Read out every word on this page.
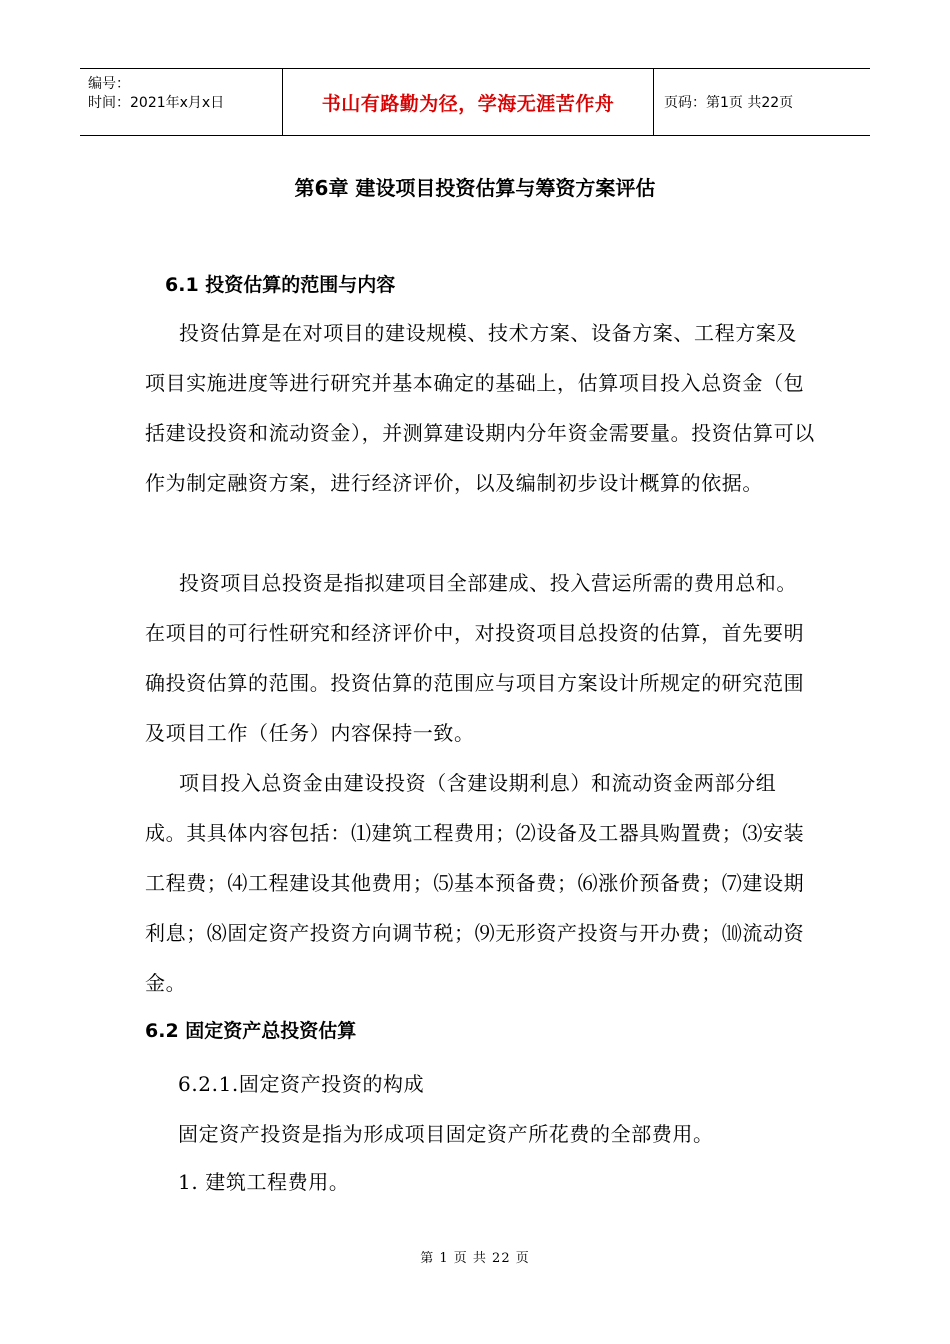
编号：
时间：2021年x月x日	书山有路勤为径，学海无涯苦作舟	页码：第1页 共22页
第6章 建设项目投资估算与筹资方案评估
6.1 投资估算的范围与内容
投资估算是在对项目的建设规模、技术方案、设备方案、工程方案及项目实施进度等进行研究并基本确定的基础上，估算项目投入总资金（包括建设投资和流动资金），并测算建设期内分年资金需要量。投资估算可以作为制定融资方案，进行经济评价，以及编制初步设计概算的依据。
投资项目总投资是指拟建项目全部建成、投入营运所需的费用总和。在项目的可行性研究和经济评价中，对投资项目总投资的估算，首先要明确投资估算的范围。投资估算的范围应与项目方案设计所规定的研究范围及项目工作（任务）内容保持一致。
项目投入总资金由建设投资（含建设期利息）和流动资金两部分组成。其具体内容包括：⑴建筑工程费用；⑵设备及工器具购置费；⑶安装工程费；⑷工程建设其他费用；⑸基本预备费；⑹涨价预备费；⑺建设期利息；⑻固定资产投资方向调节税；⑼无形资产投资与开办费；⑽流动资金。
6.2 固定资产总投资估算
6.2.1.固定资产投资的构成
固定资产投资是指为形成项目固定资产所花费的全部费用。
1. 建筑工程费用。
第 1 页 共 22 页
